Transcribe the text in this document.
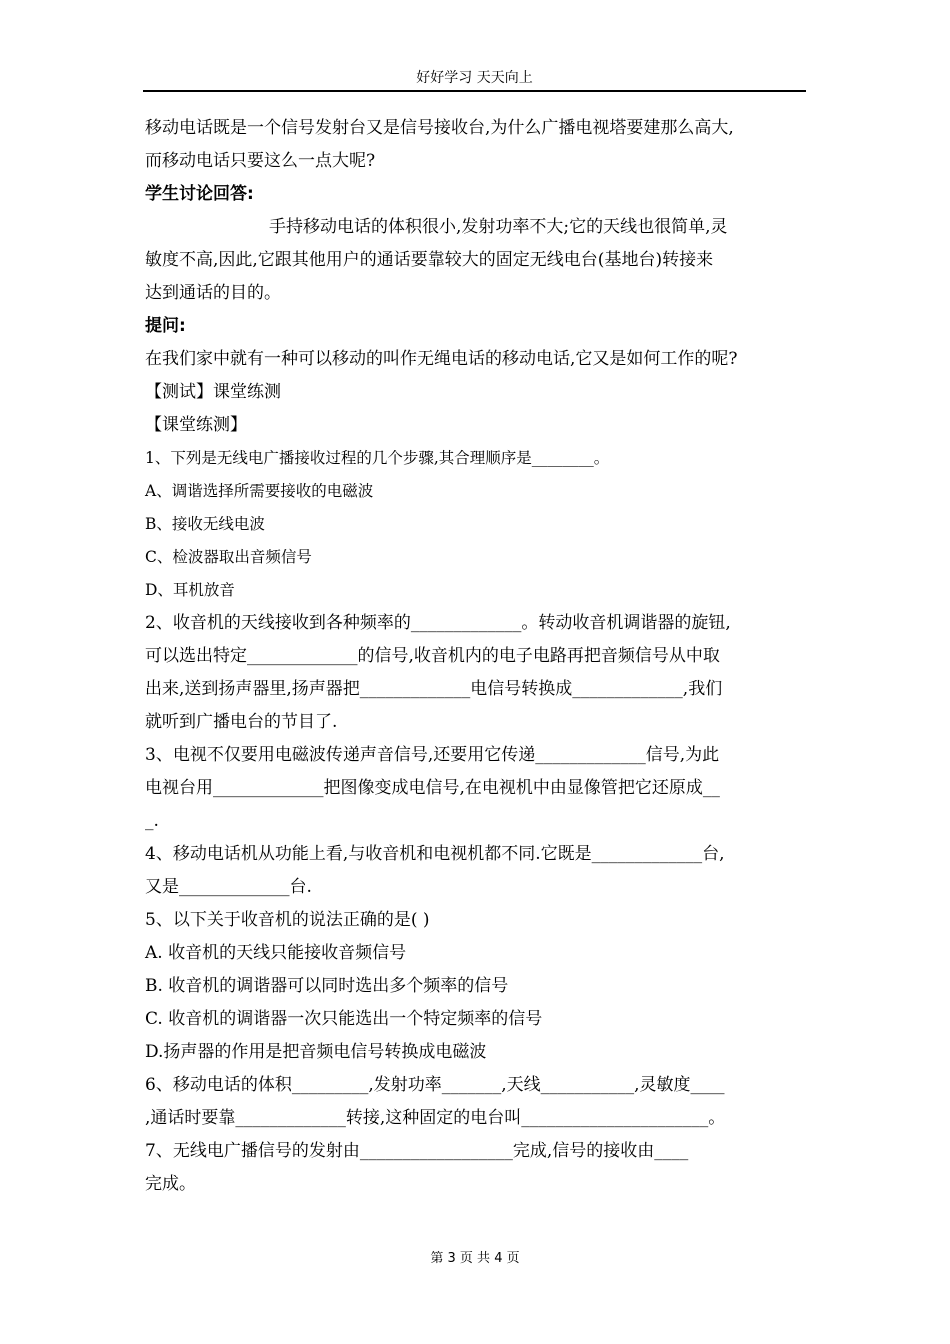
好好学习 天天向上
移动电话既是一个信号发射台又是信号接收台,为什么广播电视塔要建那么高大,
而移动电话只要这么一点大呢?
学生讨论回答:
手持移动电话的体积很小,发射功率不大;它的天线也很简单,灵
敏度不高,因此,它跟其他用户的通话要靠较大的固定无线电台(基地台)转接来
达到通话的目的。
提问:
在我们家中就有一种可以移动的叫作无绳电话的移动电话,它又是如何工作的呢?
【测试】课堂练测
【课堂练测】
1、下列是无线电广播接收过程的几个步骤,其合理顺序是________。
A、调谐选择所需要接收的电磁波
B、接收无线电波
C、检波器取出音频信号
D、耳机放音
2、收音机的天线接收到各种频率的_____________。转动收音机调谐器的旋钮,
可以选出特定_____________的信号,收音机内的电子电路再把音频信号从中取
出来,送到扬声器里,扬声器把_____________电信号转换成_____________,我们
就听到广播电台的节目了.
3、电视不仅要用电磁波传递声音信号,还要用它传递_____________信号,为此
电视台用_____________把图像变成电信号,在电视机中由显像管把它还原成__
_.
4、移动电话机从功能上看,与收音机和电视机都不同.它既是_____________台,
又是_____________台.
5、以下关于收音机的说法正确的是( )
A. 收音机的天线只能接收音频信号
B. 收音机的调谐器可以同时选出多个频率的信号
C. 收音机的调谐器一次只能选出一个特定频率的信号
D.扬声器的作用是把音频电信号转换成电磁波
6、移动电话的体积_________,发射功率_______,天线___________,灵敏度____
,通话时要靠_____________转接,这种固定的电台叫______________________。
7、无线电广播信号的发射由__________________完成,信号的接收由____
完成。
第 3 页 共 4 页
